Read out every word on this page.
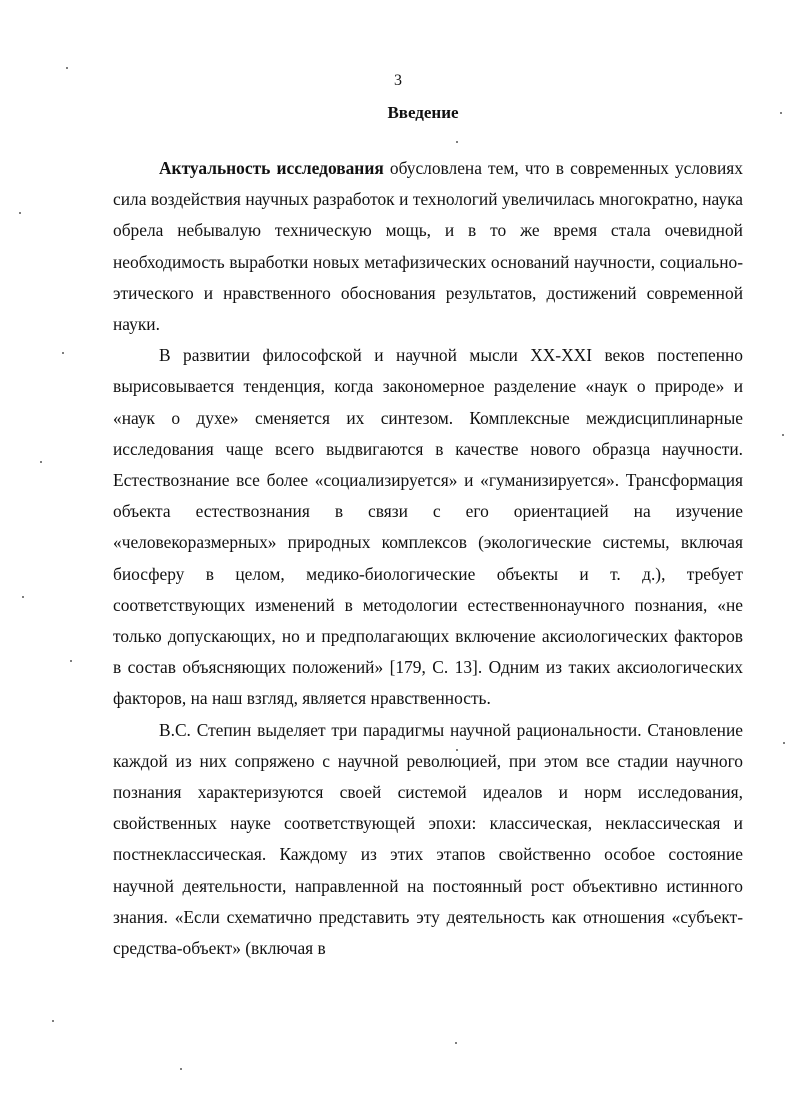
3
Введение

Актуальность исследования обусловлена тем, что в современных условиях сила воздействия научных разработок и технологий увеличилась многократно, наука обрела небывалую техническую мощь, и в то же время стала очевидной необходимость выработки новых метафизических оснований научности, социально-этического и нравственного обоснования результатов, достижений современной науки.

В развитии философской и научной мысли XX-XXI веков постепенно вырисовывается тенденция, когда закономерное разделение «наук о природе» и «наук о духе» сменяется их синтезом. Комплексные междисциплинарные исследования чаще всего выдвигаются в качестве нового образца научности. Естествознание все более «социализируется» и «гуманизируется». Трансформация объекта естествознания в связи с его ориентацией на изучение «человекоразмерных» природных комплексов (экологические системы, включая биосферу в целом, медико-биологические объекты и т. д.), требует соответствующих изменений в методологии естественнонаучного познания, «не только допускающих, но и предполагающих включение аксиологических факторов в состав объясняющих положений» [179, С. 13]. Одним из таких аксиологических факторов, на наш взгляд, является нравственность.

В.С. Степин выделяет три парадигмы научной рациональности. Становление каждой из них сопряжено с научной революцией, при этом все стадии научного познания характеризуются своей системой идеалов и норм исследования, свойственных науке соответствующей эпохи: классическая, неклассическая и постнеклассическая. Каждому из этих этапов свойственно особое состояние научной деятельности, направленной на постоянный рост объективно истинного знания. «Если схематично представить эту деятельность как отношения «субъект-средства-объект» (включая в
